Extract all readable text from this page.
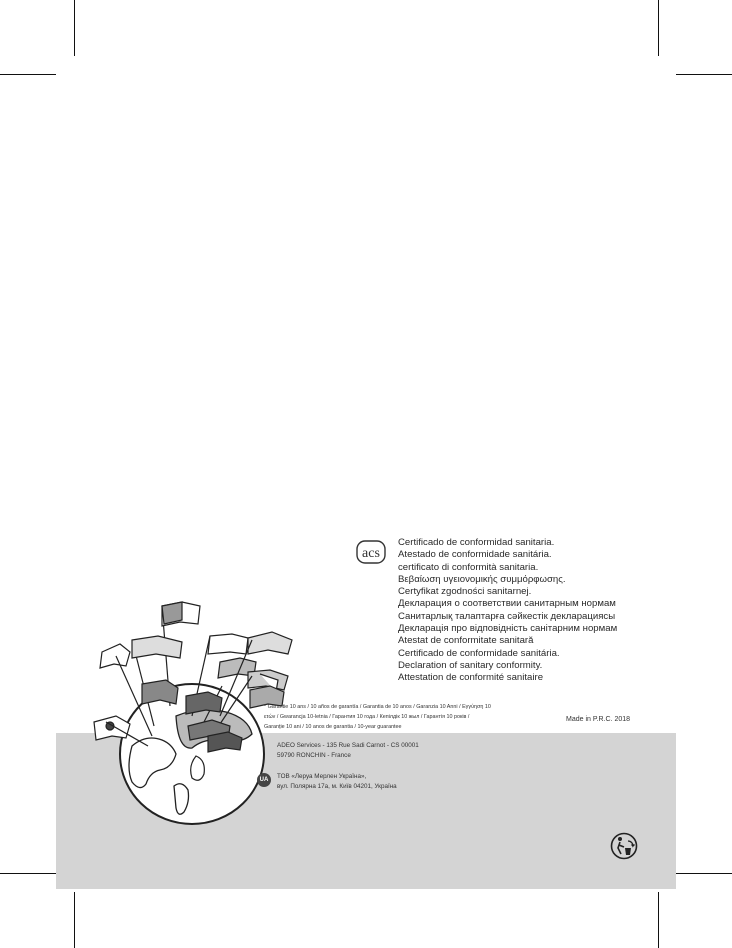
acs
Certificado de conformidad sanitaria.
Atestado de conformidade sanitária.
certificato di conformità sanitaria.
Βεβαίωση υγειονομικής συμμόρφωσης.
Certyfikat zgodności sanitarnej.
Декларация о соответствии санитарным нормам
Санитарлық талаптарға сәйкестік декларациясы
Декларація про відповідність санітарним нормам
Atestat de conformitate sanitară
Certificado de conformidade sanitária.
Declaration of sanitary conformity.
Attestation de conformité sanitaire
* Garantie 10 ans / 10 años de garantía / Garantia de 10 anos / Garanzia 10 Anni / Εγγύηση 10
ετών / Gwarancja 10-letnia / Гарантия 10 года / Кепілдік 10 жыл / Гарантія 10 років /
Garanție 10 ani / 10 anos de garantia / 10-year guarantee
Made in P.R.C. 2018
ADEO Services - 135 Rue Sadi Carnot - CS 00001
59790 RONCHIN - France
UA	ТОВ «Леруа Мерлен Україна»,
вул. Полярна 17а, м. Київ 04201, Україна
